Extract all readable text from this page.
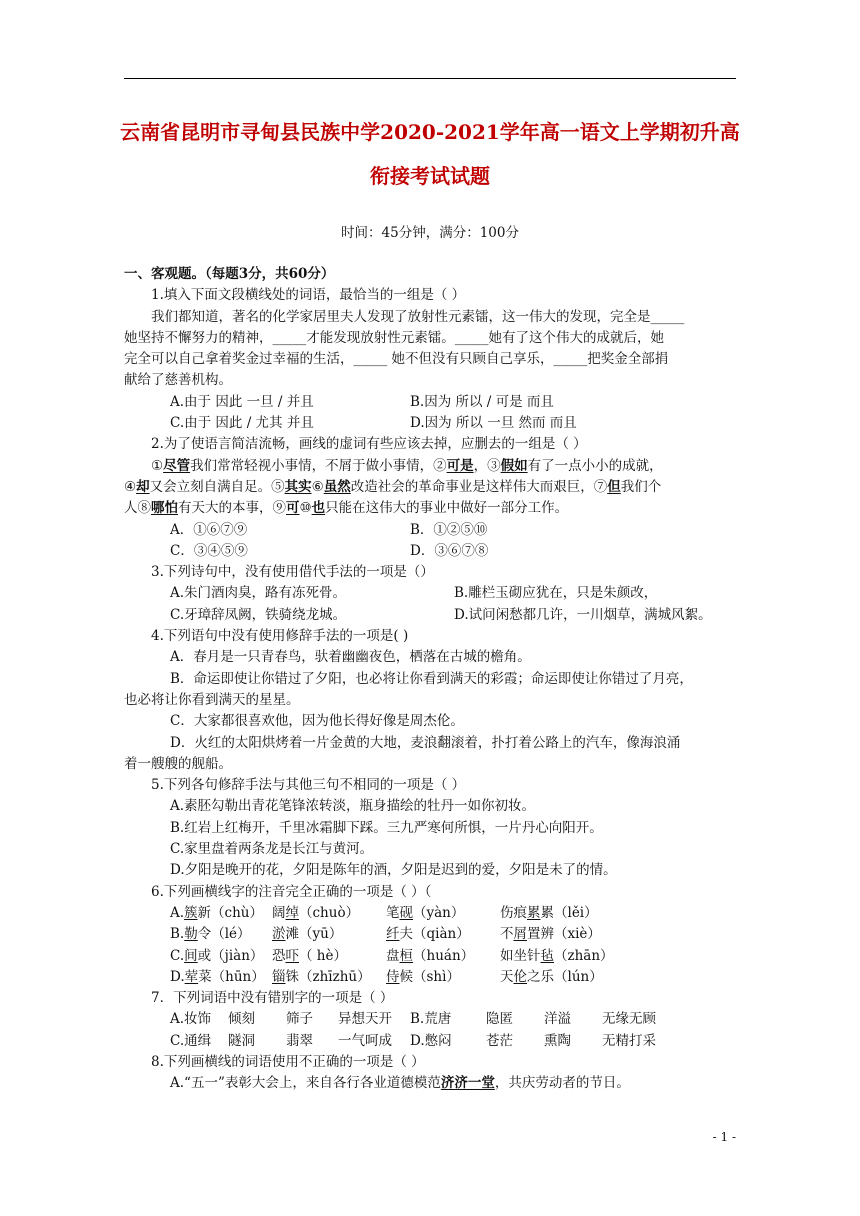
云南省昆明市寻甸县民族中学2020-2021学年高一语文上学期初升高
衔接考试试题
时间：45分钟，满分：100分
一、客观题。（每题3分，共60分）
1.填入下面文段横线处的词语，最恰当的一组是（ ）
我们都知道，著名的化学家居里夫人发现了放射性元素镭，这一伟大的发现，完全是_____
她坚持不懈努力的精神，_____才能发现放射性元素镭。_____她有了这个伟大的成就后，她
完全可以自己拿着奖金过幸福的生活，_____ 她不但没有只顾自己享乐，_____把奖金全部捐
献给了慈善机构。
A.由于 因此 一旦 / 并且	B.因为 所以 / 可是 而且
C.由于 因此 / 尤其 并且	D.因为 所以 一旦 然而 而且
2.为了使语言简洁流畅，画线的虚词有些应该去掉，应删去的一组是（ ）
①尽管我们常常轻视小事情，不屑于做小事情，②可是，③假如有了一点小小的成就，
④却又会立刻自满自足。⑤其实⑥虽然改造社会的革命事业是这样伟大而艰巨，⑦但我们个
人⑧哪怕有天大的本事，⑨可⑩也只能在这伟大的事业中做好一部分工作。
A．①⑥⑦⑨	B．①②⑤⑩
C．③④⑤⑨	D．③⑥⑦⑧
3.下列诗句中，没有使用借代手法的一项是（）
A.朱门酒肉臭，路有冻死骨。	B.雕栏玉砌应犹在，只是朱颜改，
C.牙璋辞凤阙，铁骑绕龙城。	D.试问闲愁都几许，一川烟草，满城风絮。
4.下列语句中没有使用修辞手法的一项是( )
A．春月是一只青春鸟，驮着幽幽夜色，栖落在古城的檐角。
B．命运即使让你错过了夕阳，也必将让你看到满天的彩霞；命运即使让你错过了月亮，
也必将让你看到满天的星星。
C．大家都很喜欢他，因为他长得好像是周杰伦。
D．火红的太阳烘烤着一片金黄的大地，麦浪翻滚着，扑打着公路上的汽车，像海浪涌
着一艘艘的舰船。
5.下列各句修辞手法与其他三句不相同的一项是（ ）
A.素胚勾勒出青花笔锋浓转淡，瓶身描绘的牡丹一如你初妆。
B.红岩上红梅开，千里冰霜脚下踩。三九严寒何所惧，一片丹心向阳开。
C.家里盘着两条龙是长江与黄河。
D.夕阳是晚开的花，夕阳是陈年的酒，夕阳是迟到的爱，夕阳是未了的情。
6.下列画横线字的注音完全正确的一项是（ ）（
A.簇新（chù） 阔绰（chuò） 笔砚（yàn）	伤痕累累（lěi）
B.勒令（lé） 淤滩（yū）	纤夫（qiàn） 不屑置辨（xiè）
C.间或（jiàn） 恐吓（ hè）	盘桓（huán） 如坐针毡（zhān）
D.荤菜（hūn） 锱铢（zhīzhū） 侍候（shì）	天伦之乐（lún）
7．下列词语中没有错别字的一项是（ ）
A.妆饰 倾刻 筛子 异想天开 B.荒唐	隐匿 洋溢 无缘无顾
C.通缉 隧洞 翡翠 一气呵成 D.憋闷	苍茫 熏陶 无精打采
8.下列画横线的词语使用不正确的一项是（ ）
A.“五一”表彰大会上，来自各行各业道德模范济济一堂，共庆劳动者的节日。
- 1 -
